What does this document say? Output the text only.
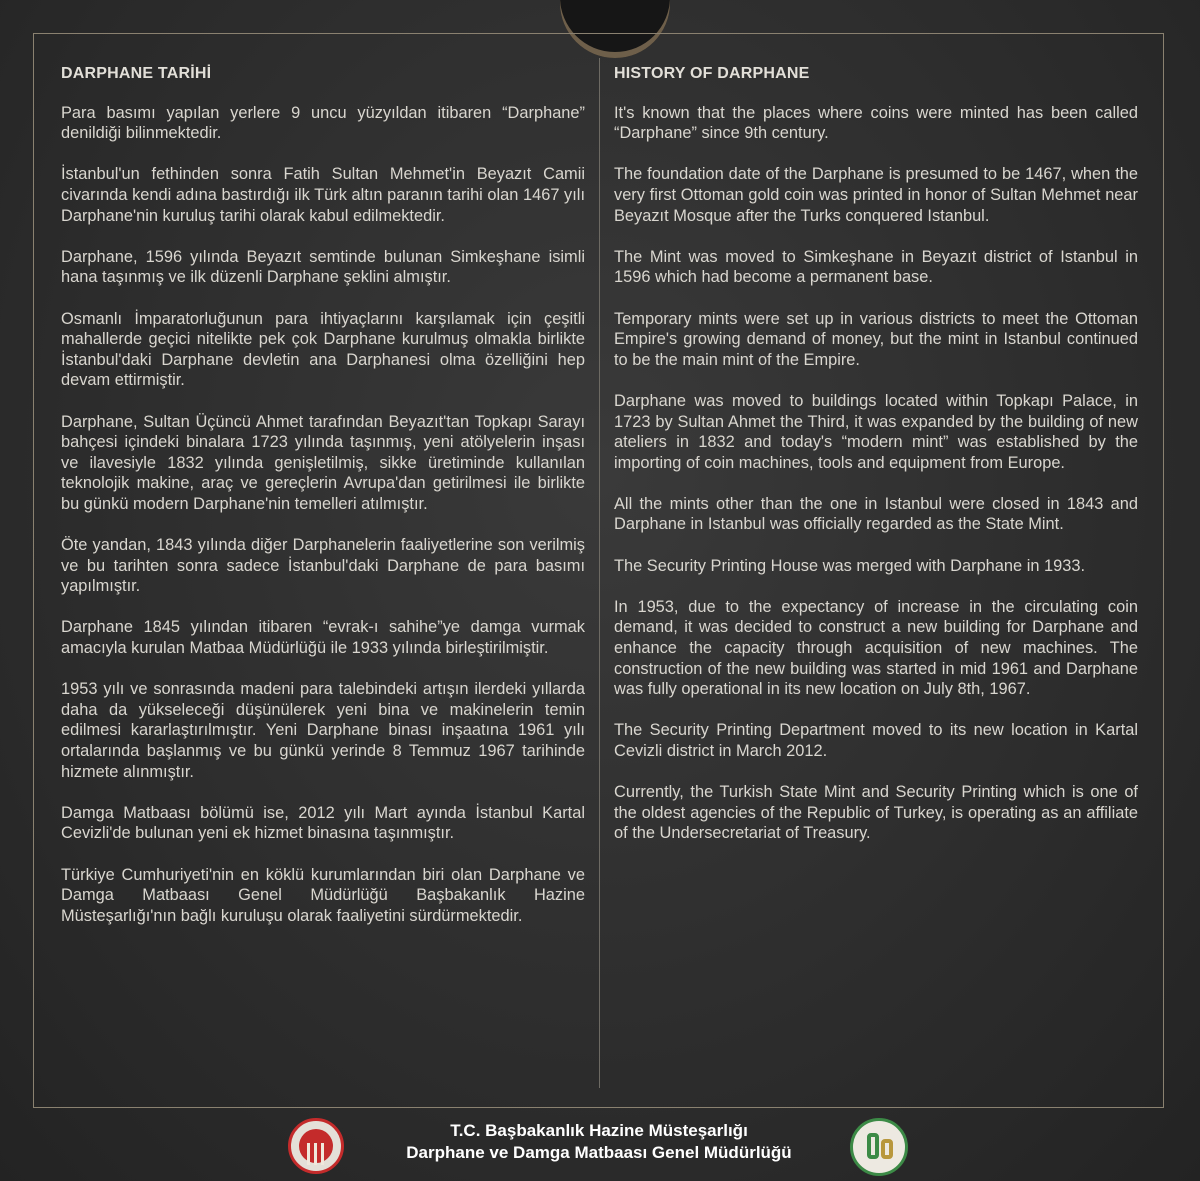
DARPHANE TARİHİ

Para basımı yapılan yerlere 9 uncu yüzyıldan itibaren “Darphane” denildiği bilinmektedir.

İstanbul'un fethinden sonra Fatih Sultan Mehmet'in Beyazıt Camii civarında kendi adına bastırdığı ilk Türk altın paranın tarihi olan 1467 yılı Darphane'nin kuruluş tarihi olarak kabul edilmektedir.

Darphane, 1596 yılında Beyazıt semtinde bulunan Simkeşhane isimli hana taşınmış ve ilk düzenli Darphane şeklini almıştır.

Osmanlı İmparatorluğunun para ihtiyaçlarını karşılamak için çeşitli mahallerde geçici nitelikte pek çok Darphane kurulmuş olmakla birlikte İstanbul'daki Darphane devletin ana Darphanesi olma özelliğini hep devam ettirmiştir.

Darphane, Sultan Üçüncü Ahmet tarafından Beyazıt'tan Topkapı Sarayı bahçesi içindeki binalara 1723 yılında taşınmış, yeni atölyelerin inşası ve ilavesiyle 1832 yılında genişletilmiş, sikke üretiminde kullanılan teknolojik makine, araç ve gereçlerin Avrupa'dan getirilmesi ile birlikte bu günkü modern Darphane'nin temelleri atılmıştır.

Öte yandan, 1843 yılında diğer Darphanelerin faaliyetlerine son verilmiş ve bu tarihten sonra sadece İstanbul'daki Darphane de para basımı yapılmıştır.

Darphane 1845 yılından itibaren “evrak-ı sahihe”ye damga vurmak amacıyla kurulan Matbaa Müdürlüğü ile 1933 yılında birleştirilmiştir.

1953 yılı ve sonrasında madeni para talebindeki artışın ilerdeki yıllarda daha da yükseleceği düşünülerek yeni bina ve makinelerin temin edilmesi kararlaştırılmıştır. Yeni Darphane binası inşaatına 1961 yılı ortalarında başlanmış ve bu günkü yerinde 8 Temmuz 1967 tarihinde hizmete alınmıştır.

Damga Matbaası bölümü ise, 2012 yılı Mart ayında İstanbul Kartal Cevizli'de bulunan yeni ek hizmet binasına taşınmıştır.

Türkiye Cumhuriyeti'nin en köklü kurumlarından biri olan Darphane ve Damga Matbaası Genel Müdürlüğü Başbakanlık Hazine Müsteşarlığı'nın bağlı kuruluşu olarak faaliyetini sürdürmektedir.

HISTORY OF DARPHANE

It's known that the places where coins were minted has been called “Darphane” since 9th century.

The foundation date of the Darphane is presumed to be 1467, when the very first Ottoman gold coin was printed in honor of Sultan Mehmet near Beyazıt Mosque after the Turks conquered Istanbul.

The Mint was moved to Simkeşhane in Beyazıt district of Istanbul in 1596 which had become a permanent base.

Temporary mints were set up in various districts to meet the Ottoman Empire's growing demand of money, but the mint in Istanbul continued to be the main mint of the Empire.

Darphane was moved to buildings located within Topkapı Palace, in 1723 by Sultan Ahmet the Third, it was expanded by the building of new ateliers in 1832 and today's “modern mint” was established by the importing of coin machines, tools and equipment from Europe.

All the mints other than the one in Istanbul were closed in 1843 and Darphane in Istanbul was officially regarded as the State Mint.

The Security Printing House was merged with Darphane in 1933.

In 1953, due to the expectancy of increase in the circulating coin demand, it was decided to construct a new building for Darphane and enhance the capacity through acquisition of new machines. The construction of the new building was started in mid 1961 and Darphane was fully operational in its new location on July 8th, 1967.

The Security Printing Department moved to its new location in Kartal Cevizli district in March 2012.

Currently, the Turkish State Mint and Security Printing which is one of the oldest agencies of the Republic of Turkey, is operating as an affiliate of the Undersecretariat of Treasury.

T.C. Başbakanlık Hazine Müsteşarlığı
Darphane ve Damga Matbaası Genel Müdürlüğü
